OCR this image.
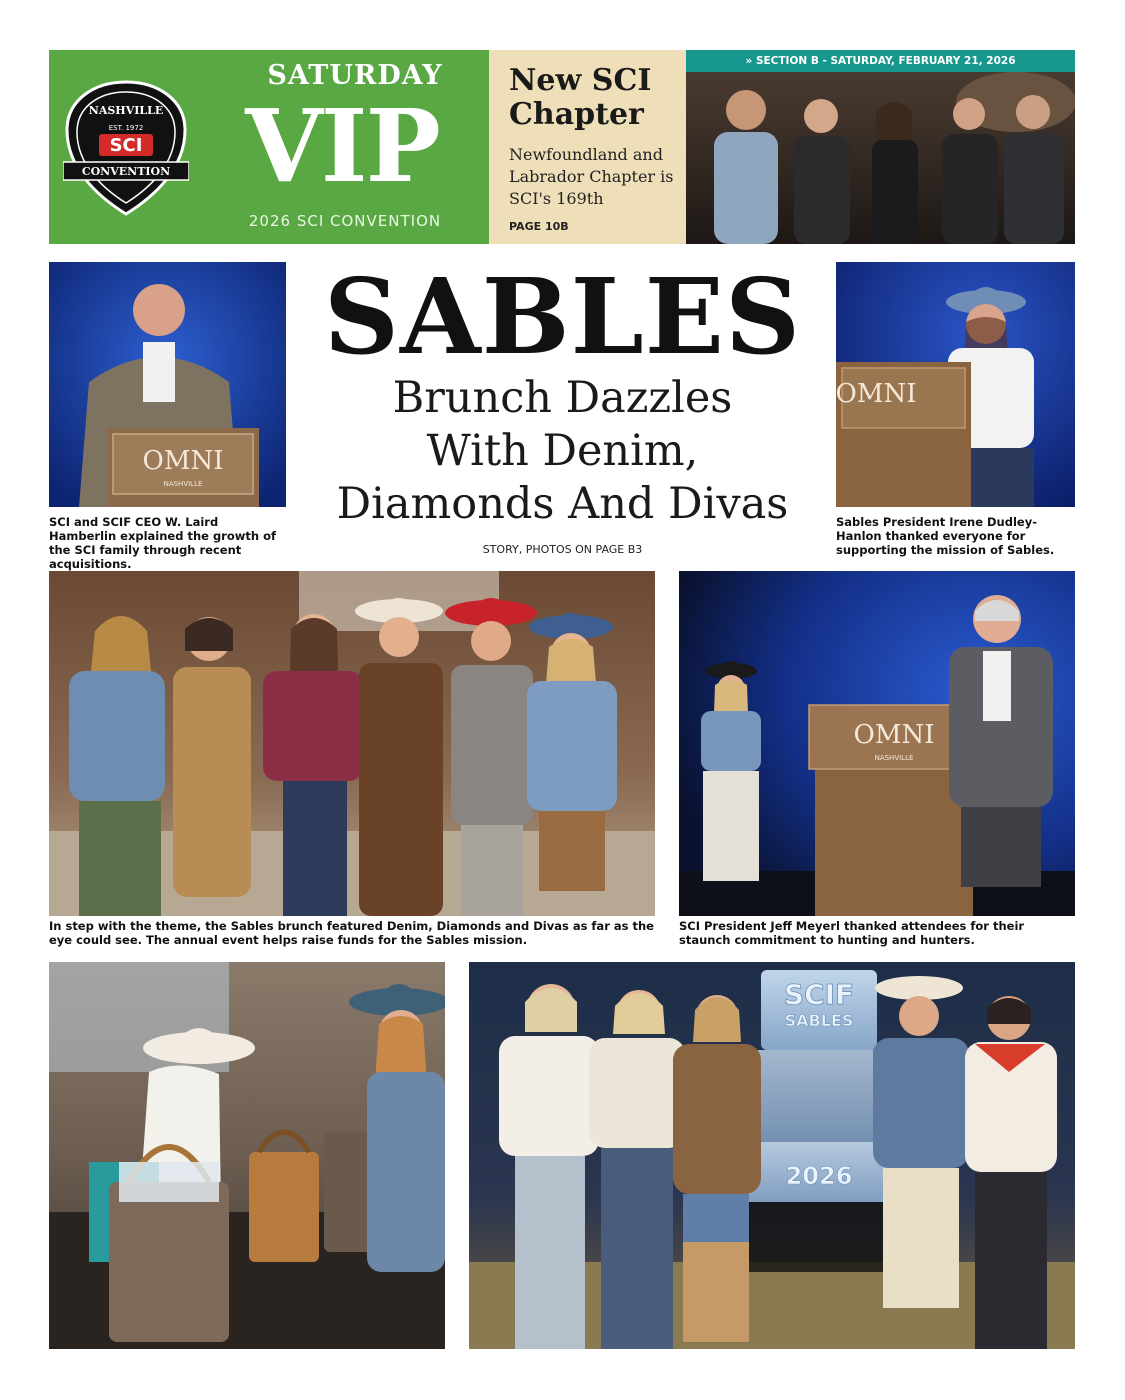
NASHVILLE
EST. 1972
SCI
CONVENTION
SATURDAY
VIP
2026 SCI CONVENTION
New SCI Chapter
Newfoundland and Labrador Chapter is SCI's 169th
PAGE 10B
» SECTION B - SATURDAY, FEBRUARY 21, 2026
OMNI
NASHVILLE
SCI and SCIF CEO W. Laird Hamberlin explained the growth of the SCI family through recent acquisitions.
SABLES
Brunch Dazzles
With Denim,
Diamonds And Divas
STORY, PHOTOS ON PAGE B3
OMNI
Sables President Irene Dudley-Hanlon thanked everyone for supporting the mission of Sables.
In step with the theme, the Sables brunch featured Denim, Diamonds and Divas as far as the eye could see. The annual event helps raise funds for the Sables mission.
OMNI
NASHVILLE
SCI President Jeff Meyerl thanked attendees for their staunch commitment to hunting and hunters.
SCIF
SABLES
2026
